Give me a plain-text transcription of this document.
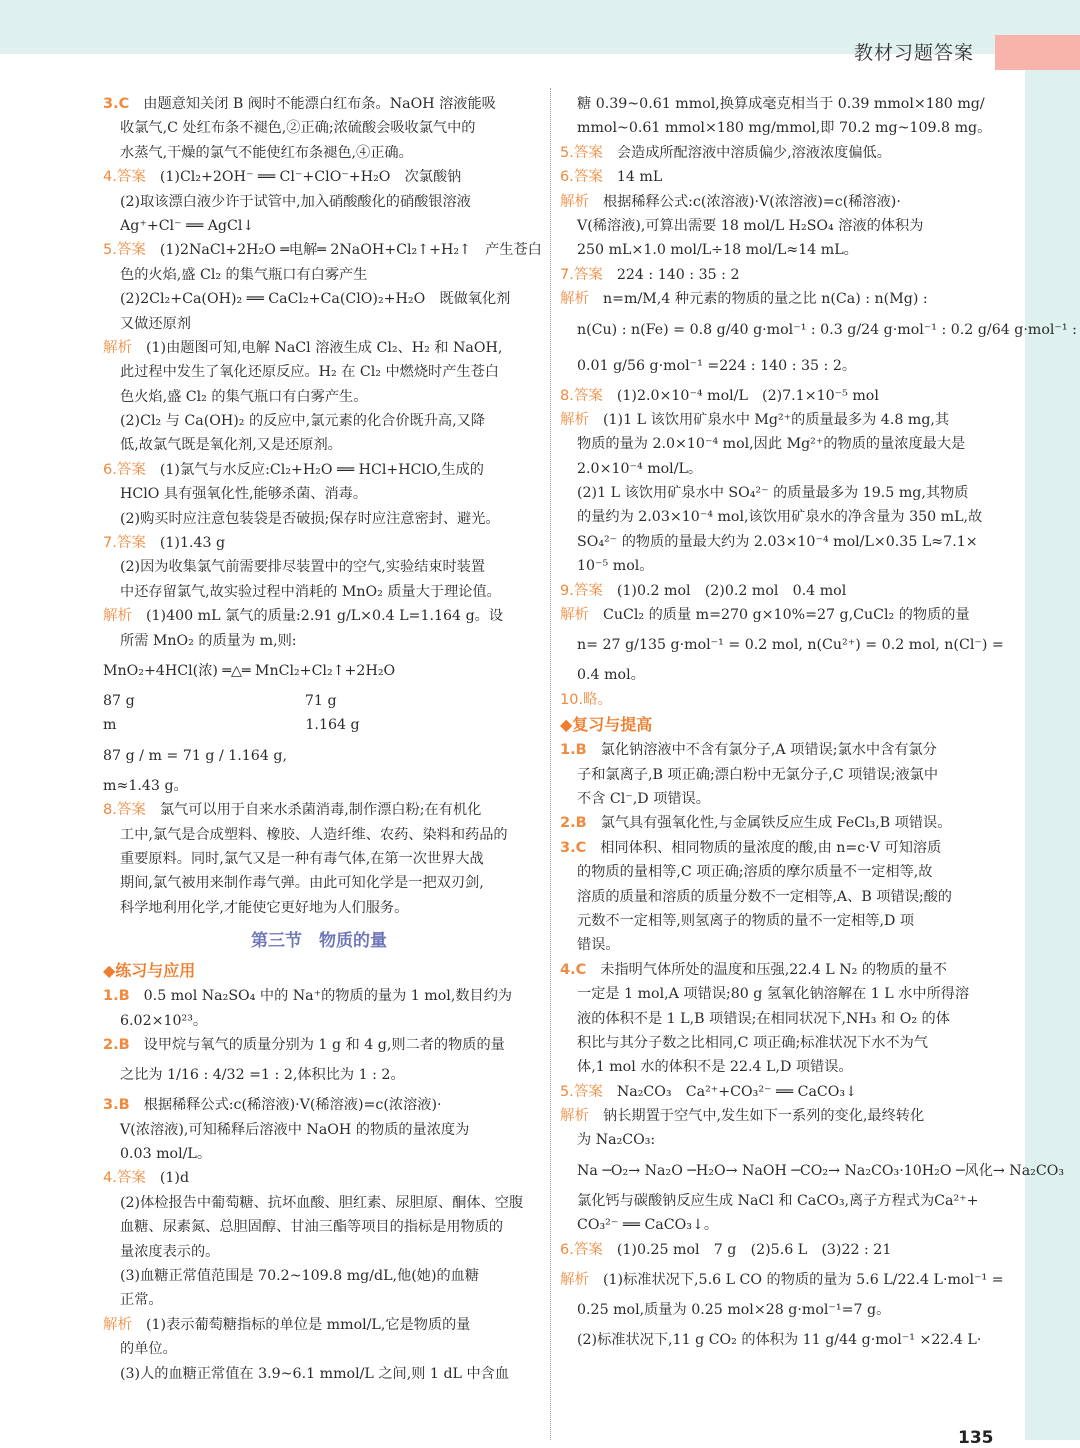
教材习题答案
3.C 由题意知关闭 B 阀时不能漂白红布条。NaOH 溶液能吸
收氯气,C 处红布条不褪色,②正确;浓硫酸会吸收氯气中的
水蒸气,干燥的氯气不能使红布条褪色,④正确。
4.答案 (1)Cl₂+2OH⁻ ══ Cl⁻+ClO⁻+H₂O　次氯酸钠
(2)取该漂白液少许于试管中,加入硝酸酸化的硝酸银溶液
Ag⁺+Cl⁻ ══ AgCl↓
5.答案 (1)2NaCl+2H₂O ═电解═ 2NaOH+Cl₂↑+H₂↑　产生苍白
色的火焰,盛 Cl₂ 的集气瓶口有白雾产生
(2)2Cl₂+Ca(OH)₂ ══ CaCl₂+Ca(ClO)₂+H₂O　既做氧化剂
又做还原剂
解析 (1)由题图可知,电解 NaCl 溶液生成 Cl₂、H₂ 和 NaOH,
此过程中发生了氧化还原反应。H₂ 在 Cl₂ 中燃烧时产生苍白
色火焰,盛 Cl₂ 的集气瓶口有白雾产生。
(2)Cl₂ 与 Ca(OH)₂ 的反应中,氯元素的化合价既升高,又降
低,故氯气既是氧化剂,又是还原剂。
6.答案 (1)氯气与水反应:Cl₂+H₂O ══ HCl+HClO,生成的
HClO 具有强氧化性,能够杀菌、消毒。
(2)购买时应注意包装袋是否破损;保存时应注意密封、避光。
7.答案 (1)1.43 g
(2)因为收集氯气前需要排尽装置中的空气,实验结束时装置
中还存留氯气,故实验过程中消耗的 MnO₂ 质量大于理论值。
解析 (1)400 mL 氯气的质量:2.91 g/L×0.4 L=1.164 g。设
所需 MnO₂ 的质量为 m,则:
MnO₂+4HCl(浓) ═△═ MnCl₂+Cl₂↑+2H₂O
87 g　　　　　　　　　　　　71 g
m　　　　　　　　　　　　　 1.164 g
87 g / m = 71 g / 1.164 g,
m≈1.43 g。
8.答案 氯气可以用于自来水杀菌消毒,制作漂白粉;在有机化
工中,氯气是合成塑料、橡胶、人造纤维、农药、染料和药品的
重要原料。同时,氯气又是一种有毒气体,在第一次世界大战
期间,氯气被用来制作毒气弹。由此可知化学是一把双刃剑,
科学地利用化学,才能使它更好地为人们服务。
第三节　物质的量
◆练习与应用
1.B 0.5 mol Na₂SO₄ 中的 Na⁺的物质的量为 1 mol,数目约为
6.02×10²³。
2.B 设甲烷与氧气的质量分别为 1 g 和 4 g,则二者的物质的量
之比为 1/16 : 4/32 =1 : 2,体积比为 1 : 2。
3.B 根据稀释公式:c(稀溶液)·V(稀溶液)=c(浓溶液)·
V(浓溶液),可知稀释后溶液中 NaOH 的物质的量浓度为
0.03 mol/L。
4.答案 (1)d
(2)体检报告中葡萄糖、抗坏血酸、胆红素、尿胆原、酮体、空腹
血糖、尿素氮、总胆固醇、甘油三酯等项目的指标是用物质的
量浓度表示的。
(3)血糖正常值范围是 70.2~109.8 mg/dL,他(她)的血糖
正常。
解析 (1)表示葡萄糖指标的单位是 mmol/L,它是物质的量
的单位。
(3)人的血糖正常值在 3.9~6.1 mmol/L 之间,则 1 dL 中含血
糖 0.39~0.61 mmol,换算成毫克相当于 0.39 mmol×180 mg/
mmol~0.61 mmol×180 mg/mmol,即 70.2 mg~109.8 mg。
5.答案 会造成所配溶液中溶质偏少,溶液浓度偏低。
6.答案 14 mL
解析 根据稀释公式:c(浓溶液)·V(浓溶液)=c(稀溶液)·
V(稀溶液),可算出需要 18 mol/L H₂SO₄ 溶液的体积为
250 mL×1.0 mol/L÷18 mol/L≈14 mL。
7.答案 224 : 140 : 35 : 2
解析 n=m/M,4 种元素的物质的量之比 n(Ca) : n(Mg) :
n(Cu) : n(Fe) = 0.8 g/40 g·mol⁻¹ : 0.3 g/24 g·mol⁻¹ : 0.2 g/64 g·mol⁻¹ :
0.01 g/56 g·mol⁻¹ =224 : 140 : 35 : 2。
8.答案 (1)2.0×10⁻⁴ mol/L　(2)7.1×10⁻⁵ mol
解析 (1)1 L 该饮用矿泉水中 Mg²⁺的质量最多为 4.8 mg,其
物质的量为 2.0×10⁻⁴ mol,因此 Mg²⁺的物质的量浓度最大是
2.0×10⁻⁴ mol/L。
(2)1 L 该饮用矿泉水中 SO₄²⁻ 的质量最多为 19.5 mg,其物质
的量约为 2.03×10⁻⁴ mol,该饮用矿泉水的净含量为 350 mL,故
SO₄²⁻ 的物质的量最大约为 2.03×10⁻⁴ mol/L×0.35 L≈7.1×
10⁻⁵ mol。
9.答案 (1)0.2 mol　(2)0.2 mol　0.4 mol
解析 CuCl₂ 的质量 m=270 g×10%=27 g,CuCl₂ 的物质的量
n= 27 g/135 g·mol⁻¹ = 0.2 mol, n(Cu²⁺) = 0.2 mol, n(Cl⁻) =
0.4 mol。
10.略。
◆复习与提高
1.B 氯化钠溶液中不含有氯分子,A 项错误;氯水中含有氯分
子和氯离子,B 项正确;漂白粉中无氯分子,C 项错误;液氯中
不含 Cl⁻,D 项错误。
2.B 氯气具有强氧化性,与金属铁反应生成 FeCl₃,B 项错误。
3.C 相同体积、相同物质的量浓度的酸,由 n=c·V 可知溶质
的物质的量相等,C 项正确;溶质的摩尔质量不一定相等,故
溶质的质量和溶质的质量分数不一定相等,A、B 项错误;酸的
元数不一定相等,则氢离子的物质的量不一定相等,D 项
错误。
4.C 未指明气体所处的温度和压强,22.4 L N₂ 的物质的量不
一定是 1 mol,A 项错误;80 g 氢氧化钠溶解在 1 L 水中所得溶
液的体积不是 1 L,B 项错误;在相同状况下,NH₃ 和 O₂ 的体
积比与其分子数之比相同,C 项正确;标准状况下水不为气
体,1 mol 水的体积不是 22.4 L,D 项错误。
5.答案 Na₂CO₃　Ca²⁺+CO₃²⁻ ══ CaCO₃↓
解析 钠长期置于空气中,发生如下一系列的变化,最终转化
为 Na₂CO₃:
Na ─O₂→ Na₂O ─H₂O→ NaOH ─CO₂→ Na₂CO₃·10H₂O ─风化→ Na₂CO₃
氯化钙与碳酸钠反应生成 NaCl 和 CaCO₃,离子方程式为Ca²⁺+
CO₃²⁻ ══ CaCO₃↓。
6.答案 (1)0.25 mol　7 g　(2)5.6 L　(3)22 : 21
解析 (1)标准状况下,5.6 L CO 的物质的量为 5.6 L/22.4 L·mol⁻¹ =
0.25 mol,质量为 0.25 mol×28 g·mol⁻¹=7 g。
(2)标准状况下,11 g CO₂ 的体积为 11 g/44 g·mol⁻¹ ×22.4 L·
135
